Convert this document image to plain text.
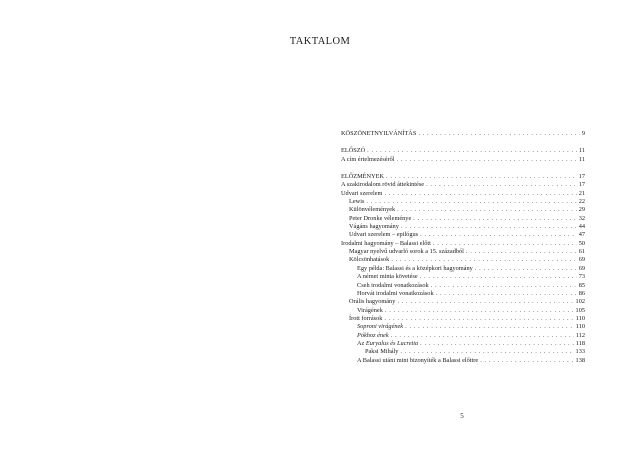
TAKTALOM
KÖSZÖNETNYILVÁNÍTÁS . . .	9
ELŐSZÓ . . .	11
A cím értelmezéséről . . .	11
ELŐZMÉNYEK . . .	17
A szakirodalom rövid áttekintése . . .	17
Udvari szerelem . . .	21
Lewis . . .	22
Különvélemények . . .	29
Peter Dronke véleménye . . .	32
Vágáns hagyomány . . .	44
Udvari szerelem – epilógus . . .	47
Irodalmi hagyomány – Balassi előtt . . .	50
Magyar nyelvű udvarló sorok a 15. századból . . .	61
Kölcsönhatások . . .	69
Egy példa: Balassi és a középkori hagyomány . . .	69
A német minta követése . . .	73
Cseh irodalmi vonatkozások . . .	85
Horvát irodalmi vonatkozások . . .	86
Orális hagyomány . . .	102
Virágének . . .	105
Írott források . . .	110
Soproni virágének . . .	110
Pókhoz ének . . .	112
Az Euryalus és Lucretia . . .	118
Paksi Mihály . . .	133
A Balassi utáni mint bizonyíték a Balassi előttre . . .	138
5
